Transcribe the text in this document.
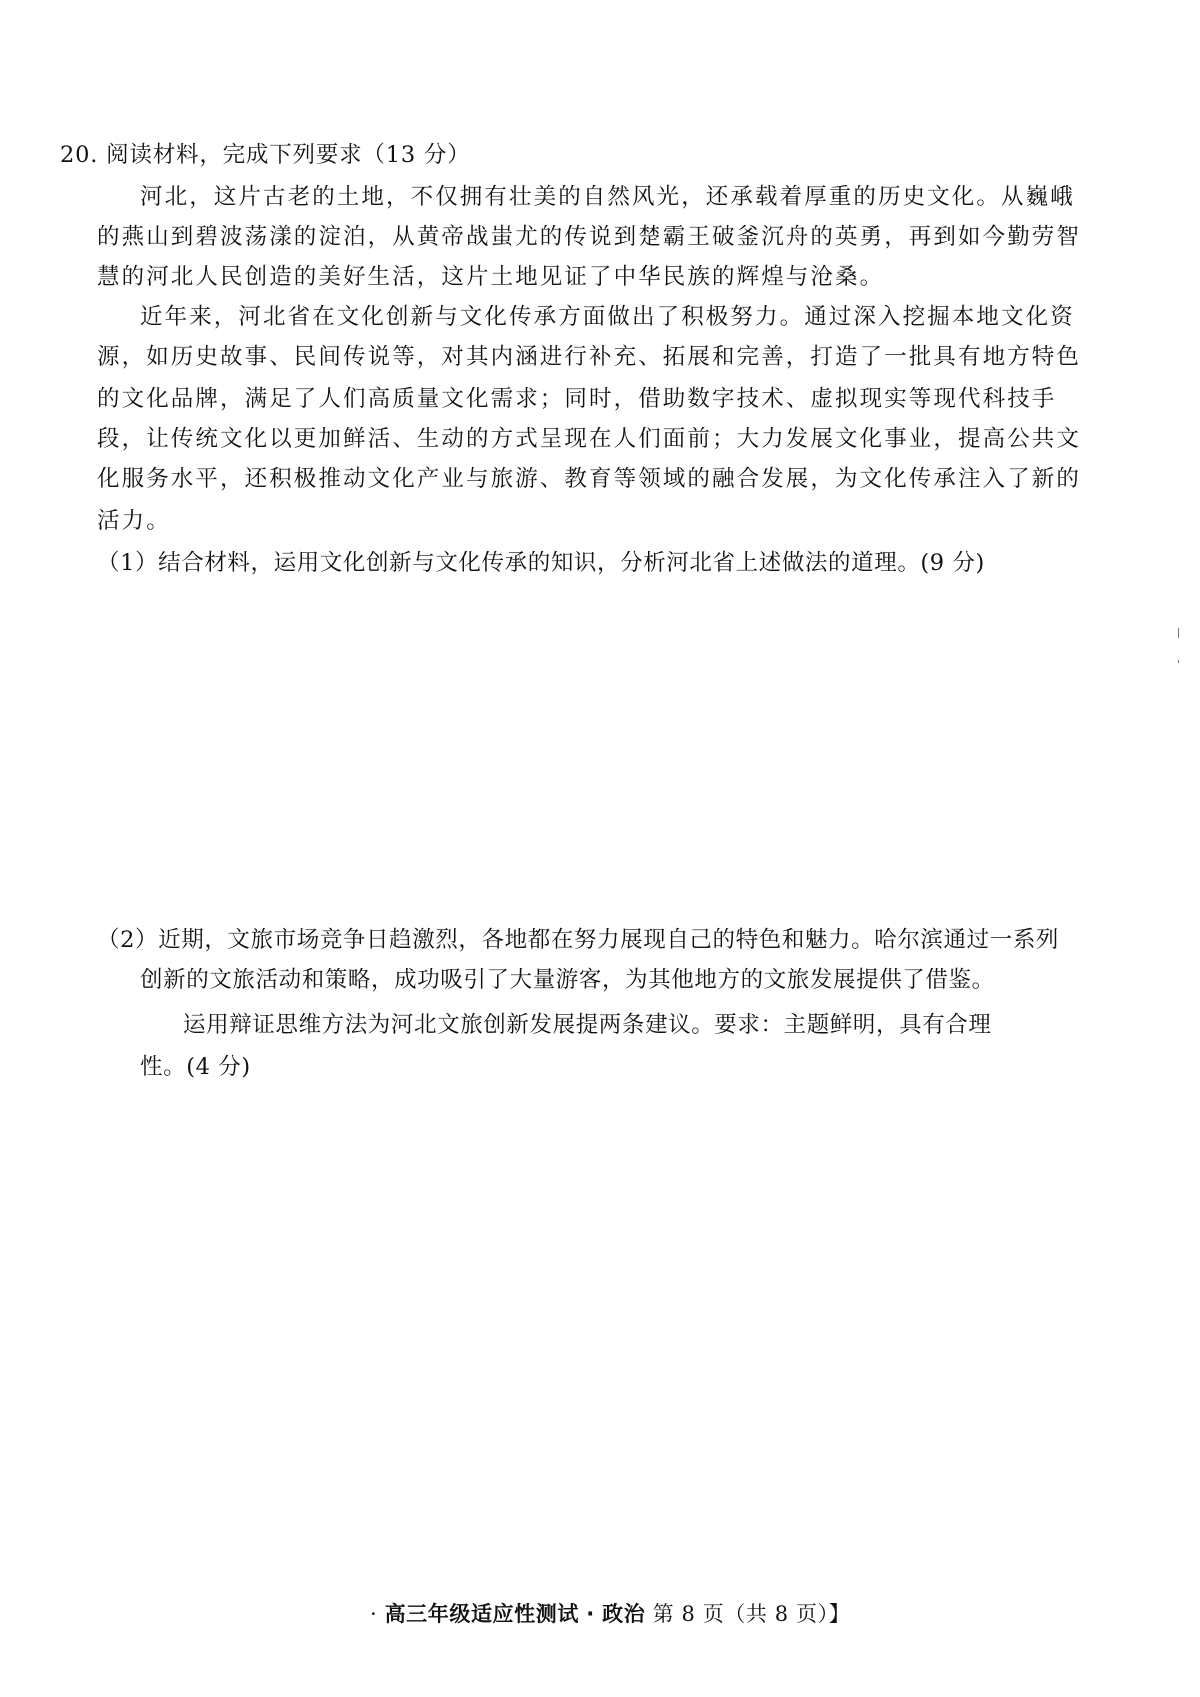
20. 阅读材料，完成下列要求（13 分）
河北，这片古老的土地，不仅拥有壮美的自然风光，还承载着厚重的历史文化。从巍峨
的燕山到碧波荡漾的淀泊，从黄帝战蚩尤的传说到楚霸王破釜沉舟的英勇，再到如今勤劳智
慧的河北人民创造的美好生活，这片土地见证了中华民族的辉煌与沧桑。
近年来，河北省在文化创新与文化传承方面做出了积极努力。通过深入挖掘本地文化资
源，如历史故事、民间传说等，对其内涵进行补充、拓展和完善，打造了一批具有地方特色
的文化品牌，满足了人们高质量文化需求；同时，借助数字技术、虚拟现实等现代科技手
段，让传统文化以更加鲜活、生动的方式呈现在人们面前；大力发展文化事业，提高公共文
化服务水平，还积极推动文化产业与旅游、教育等领域的融合发展，为文化传承注入了新的
活力。
（1）结合材料，运用文化创新与文化传承的知识，分析河北省上述做法的道理。(9 分)
（2）近期，文旅市场竞争日趋激烈，各地都在努力展现自己的特色和魅力。哈尔滨通过一系列
创新的文旅活动和策略，成功吸引了大量游客，为其他地方的文旅发展提供了借鉴。
运用辩证思维方法为河北文旅创新发展提两条建议。要求：主题鲜明，具有合理
性。(4 分)
· 高三年级适应性测试 · 政治 第 8 页（共 8 页）】
